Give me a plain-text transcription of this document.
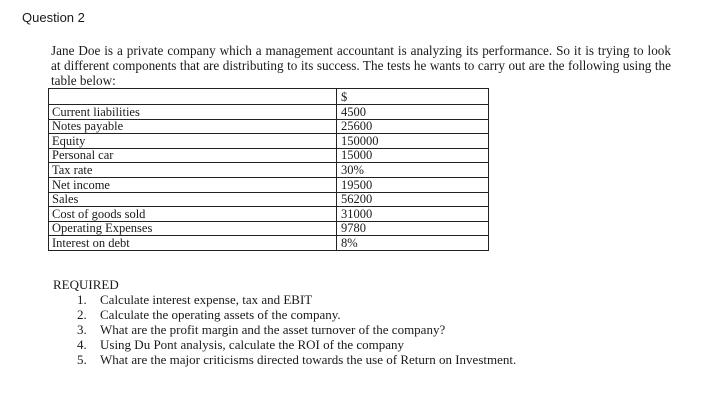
Question 2

Jane Doe is a private company which a management accountant is analyzing its performance. So it is trying to look at different components that are distributing to its success. The tests he wants to carry out are the following using the table below:

	$
Current liabilities	4500
Notes payable	25600
Equity	150000
Personal car	15000
Tax rate	30%
Net income	19500
Sales	56200
Cost of goods sold	31000
Operating Expenses	9780
Interest on debt	8%
REQUIRED
1. Calculate interest expense, tax and EBIT
2. Calculate the operating assets of the company.
3. What are the profit margin and the asset turnover of the company?
4. Using Du Pont analysis, calculate the ROI of the company
5. What are the major criticisms directed towards the use of Return on Investment.
